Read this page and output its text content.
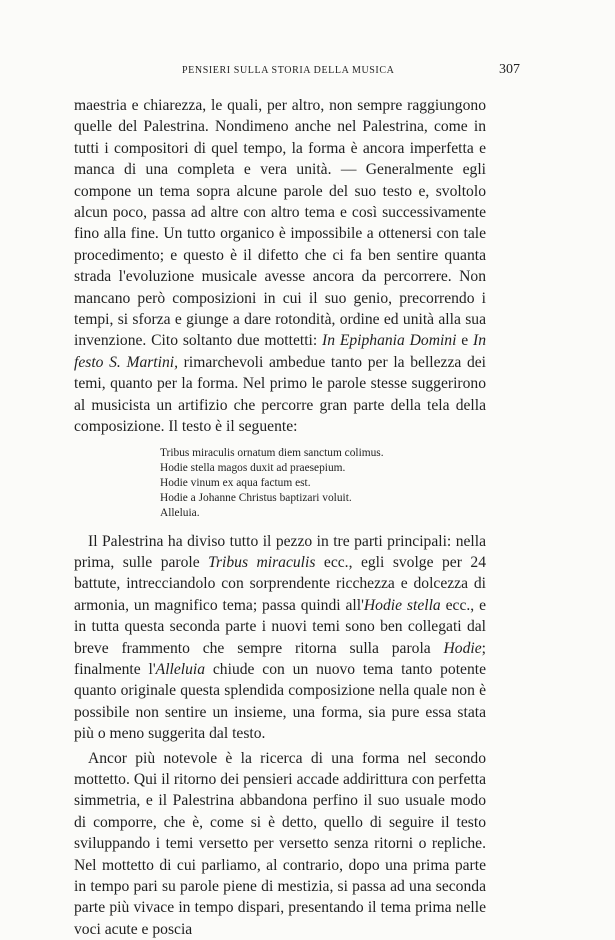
PENSIERI SULLA STORIA DELLA MUSICA	307

maestria e chiarezza, le quali, per altro, non sempre raggiungono quelle del Palestrina. Nondimeno anche nel Palestrina, come in tutti i compositori di quel tempo, la forma è ancora imperfetta e manca di una completa e vera unità. — Generalmente egli compone un tema sopra alcune parole del suo testo e, svoltolo alcun poco, passa ad altre con altro tema e così successivamente fino alla fine. Un tutto organico è impossibile a ottenersi con tale procedimento; e questo è il difetto che ci fa ben sentire quanta strada l'evoluzione musicale avesse ancora da percorrere. Non mancano però composizioni in cui il suo genio, precorrendo i tempi, si sforza e giunge a dare rotondità, ordine ed unità alla sua invenzione. Cito soltanto due mottetti: In Epiphania Domini e In festo S. Martini, rimarchevoli ambedue tanto per la bellezza dei temi, quanto per la forma. Nel primo le parole stesse suggerirono al musicista un artifizio che percorre gran parte della tela della composizione. Il testo è il seguente:

Tribus miraculis ornatum diem sanctum colimus.
Hodie stella magos duxit ad praesepium.
Hodie vinum ex aqua factum est.
Hodie a Johanne Christus baptizari voluit.
Alleluia.

Il Palestrina ha diviso tutto il pezzo in tre parti principali: nella prima, sulle parole Tribus miraculis ecc., egli svolge per 24 battute, intrecciandolo con sorprendente ricchezza e dolcezza di armonia, un magnifico tema; passa quindi all'Hodie stella ecc., e in tutta questa seconda parte i nuovi temi sono ben collegati dal breve frammento che sempre ritorna sulla parola Hodie; finalmente l'Alleluia chiude con un nuovo tema tanto potente quanto originale questa splendida composizione nella quale non è possibile non sentire un insieme, una forma, sia pure essa stata più o meno suggerita dal testo.

Ancor più notevole è la ricerca di una forma nel secondo mottetto. Qui il ritorno dei pensieri accade addirittura con perfetta simmetria, e il Palestrina abbandona perfino il suo usuale modo di comporre, che è, come si è detto, quello di seguire il testo sviluppando i temi versetto per versetto senza ritorni o repliche. Nel mottetto di cui parliamo, al contrario, dopo una prima parte in tempo pari su parole piene di mestizia, si passa ad una seconda parte più vivace in tempo dispari, presentando il tema prima nelle voci acute e poscia
